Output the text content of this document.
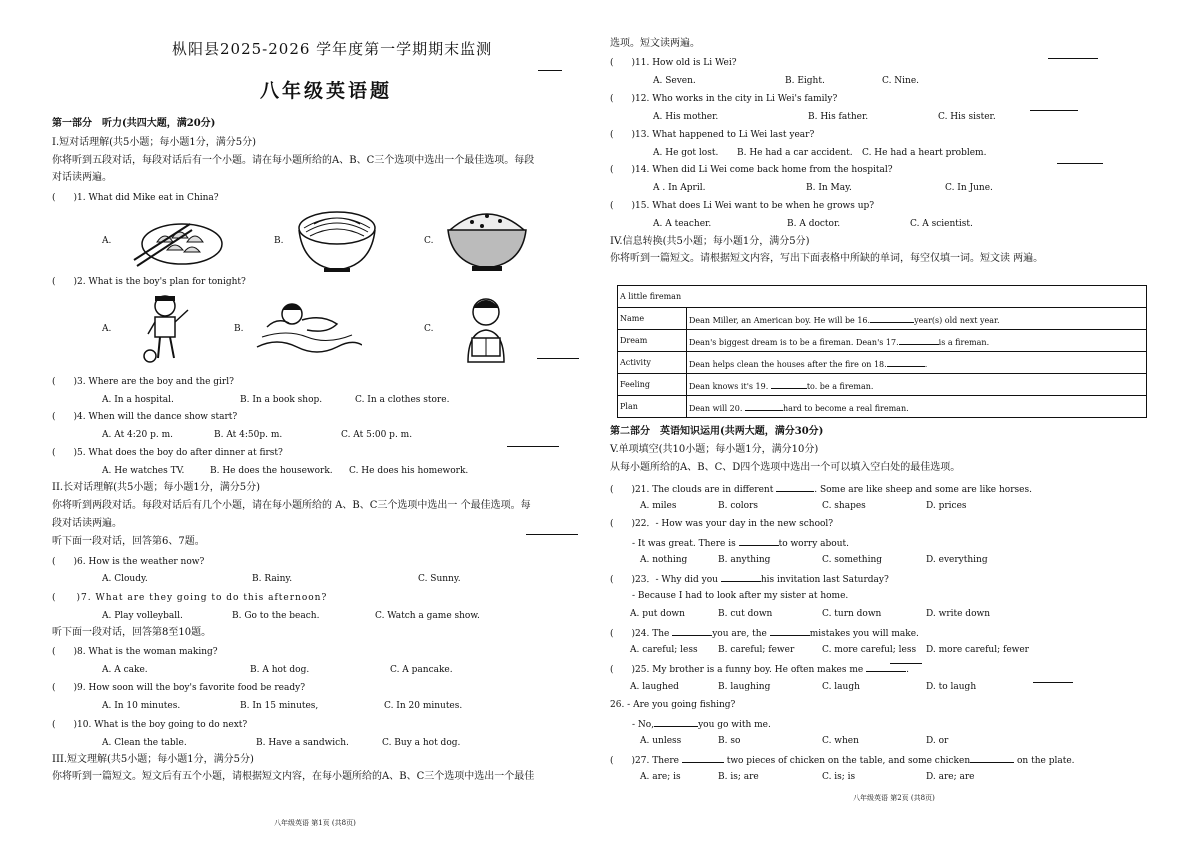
枞阳县2025-2026 学年度第一学期期末监测
八年级英语题
第一部分　听力(共四大题，满20分)
I.短对话理解(共5小题；每小题1分，满分5分)
你将听到五段对话，每段对话后有一个小题。请在每小题所给的A、B、C三个选项中选出一个最佳选项。每段
对话读两遍。
(　　)1. What did Mike eat in China?
A.	B.	C.
(　　)2. What is the boy's plan for tonight?
A.	B.	C.
(　　)3. Where are the boy and the girl?
A. In a hospital.	B. In a book shop.	C. In a clothes store.
(　　)4. When will the dance show start?
A. At 4:20 p. m.	B. At 4:50p. m.	C. At 5:00 p. m.
(　　)5. What does the boy do after dinner at first?
A. He watches TV.	B. He does the housework. C. He does his homework.
II.长对话理解(共5小题；每小题1分，满分5分)
你将听到两段对话。每段对话后有几个小题，请在每小题所给的 A、B、C三个选项中选出一 个最佳选项。每
段对话读两遍。
听下面一段对话，回答第6、7题。
(　　)6. How is the weather now?
A. Cloudy.	B. Rainy.	C. Sunny.
(　　)7. What are they going to do this afternoon?
A. Play volleyball.	B. Go to the beach.	C. Watch a game show.
听下面一段对话，回答第8至10题。
(　　)8. What is the woman making?
A. A cake.	B. A hot dog.	C. A pancake.
(　　)9. How soon will the boy's favorite food be ready?
A. In 10 minutes.	B. In 15 minutes,	C. In 20 minutes.
(　　)10. What is the boy going to do next?
A. Clean the table.	B. Have a sandwich.	C. Buy a hot dog.
III.短文理解(共5小题；每小题1分，满分5分)
你将听到一篇短文。短文后有五个小题，请根据短文内容，在每小题所给的A、B、C三个选项中选出一个最佳
八年级英语 第1页 (共8页)
选项。短文读两遍。
(　　)11. How old is Li Wei?
A. Seven.	B. Eight.	C. Nine.
(　　)12. Who works in the city in Li Wei's family?
A. His mother.	B. His father.	C. His sister.
(　　)13. What happened to Li Wei last year?
A. He got lost. B. He had a car accident. C. He had a heart problem.
(　　)14. When did Li Wei come back home from the hospital?
A . In April.	B. In May.	C. In June.
(　　)15. What does Li Wei want to be when he grows up?
A. A teacher.	B. A doctor.	C. A scientist.
IV.信息转换(共5小题；每小题1分，满分5分)
你将听到一篇短文。请根据短文内容，写出下面表格中所缺的单词，每空仅填一词。短文读 两遍。
A little fireman	
Name	Dean Miller, an American boy. He will be 16. year(s) old next year.
Dream	Dean's biggest dream is to be a fireman. Dean's 17. is a fireman.
Activity	Dean helps clean the houses after the fire on 18. .
Feeling	Dean knows it's 19. to. be a fireman.
Plan	Dean will 20. hard to become a real fireman.
第二部分　英语知识运用(共两大题，满分30分)
V.单项填空(共10小题；每小题1分，满分10分)
从每小题所给的A、B、C、D四个选项中选出一个可以填入空白处的最佳选项。
(　　)21. The clouds are in different	. Some are like sheep and some are like horses.
A. miles	B. colors	C. shapes	D. prices
(　　)22．- How was your day in the new school?
- It was great. There is	to worry about.
A. nothing	B. anything	C. something	D. everything
(　　)23．- Why did you	his invitation last Saturday?
- Because I had to look after my sister at home.
A. put down	B. cut down	C. turn down	D. write down
(　　)24. The	you are, the	mistakes you will make.
A. careful; less B. careful; fewer	C. more careful; less D. more careful; fewer
(　　)25. My brother is a funny boy. He often makes me	.
A. laughed	B. laughing	C. laugh	D. to laugh
26. - Are you going fishing?
- No,	you go with me.
A. unless	B. so	C. when	D. or
(　　)27. There	two pieces of chicken on the table, and some chicken	on the plate.
A. are; is	B. is; are	C. is; is	D. are; are
八年级英语 第2页 (共8页)
